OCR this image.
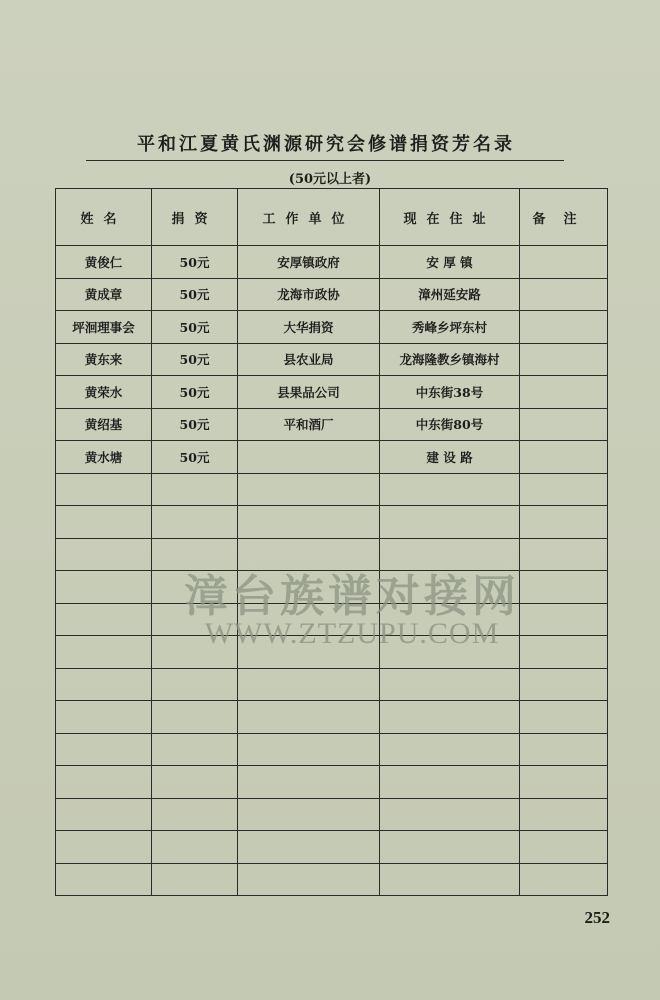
平和江夏黄氏渊源研究会修谱捐资芳名录
(50元以上者)
姓名	捐资	工作单位	现在住址	备注
黄俊仁	50元	安厚镇政府	安 厚 镇	
黄成章	50元	龙海市政协	漳州延安路	
坪洄理事会	50元	大华捐资	秀峰乡坪东村	
黄东来	50元	县农业局	龙海隆教乡镇海村	
黄荣水	50元	县果品公司	中东街38号	
黄绍基	50元	平和酒厂	中东街80号	
黄水塘	50元		建 设 路	

漳台族谱对接网
WWW.ZTZUPU.COM
252
